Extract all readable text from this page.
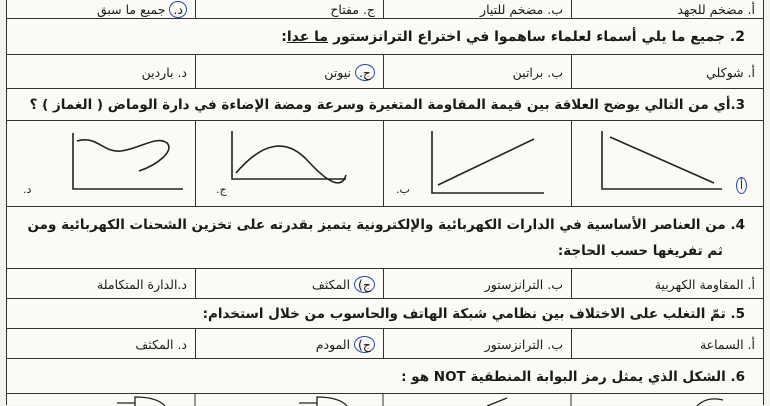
أ. مضخم للجهد
ب. مضخم للتيار
ج. مفتاح
د.

جميع ما سبق
2. جميع ما يلي أسماء لعلماء ساهموا في اختراع الترانزستور ما عدا:
أ. شوكلي
ب. براتين
ج.

نيوتن
د. باردين
3.أي من التالي يوضح العلاقة بين قيمة المقاومة المتغيرة وسرعة ومضة الإضاءة في دارة الوماض ( الغماز ) ؟
أ
ب.
ج.
د.
4. من العناصر الأساسية في الدارات الكهربائية والإلكترونية يتميز بقدرته على تخزين الشحنات الكهربائية ومن
ثم تفريغها حسب الحاجة:
أ. المقاومة الكهربية
ب. الترانزستور
ج)

المكثف
د.الدارة المتكاملة
5. تمّ التغلب على الاختلاف بين نظامي شبكة الهاتف والحاسوب من خلال استخدام:
أ. السماعة
ب. الترانزستور
ج)

المودم
د. المكثف
6. الشكل الذي يمثل رمز البوابة المنطقية NOT هو :
